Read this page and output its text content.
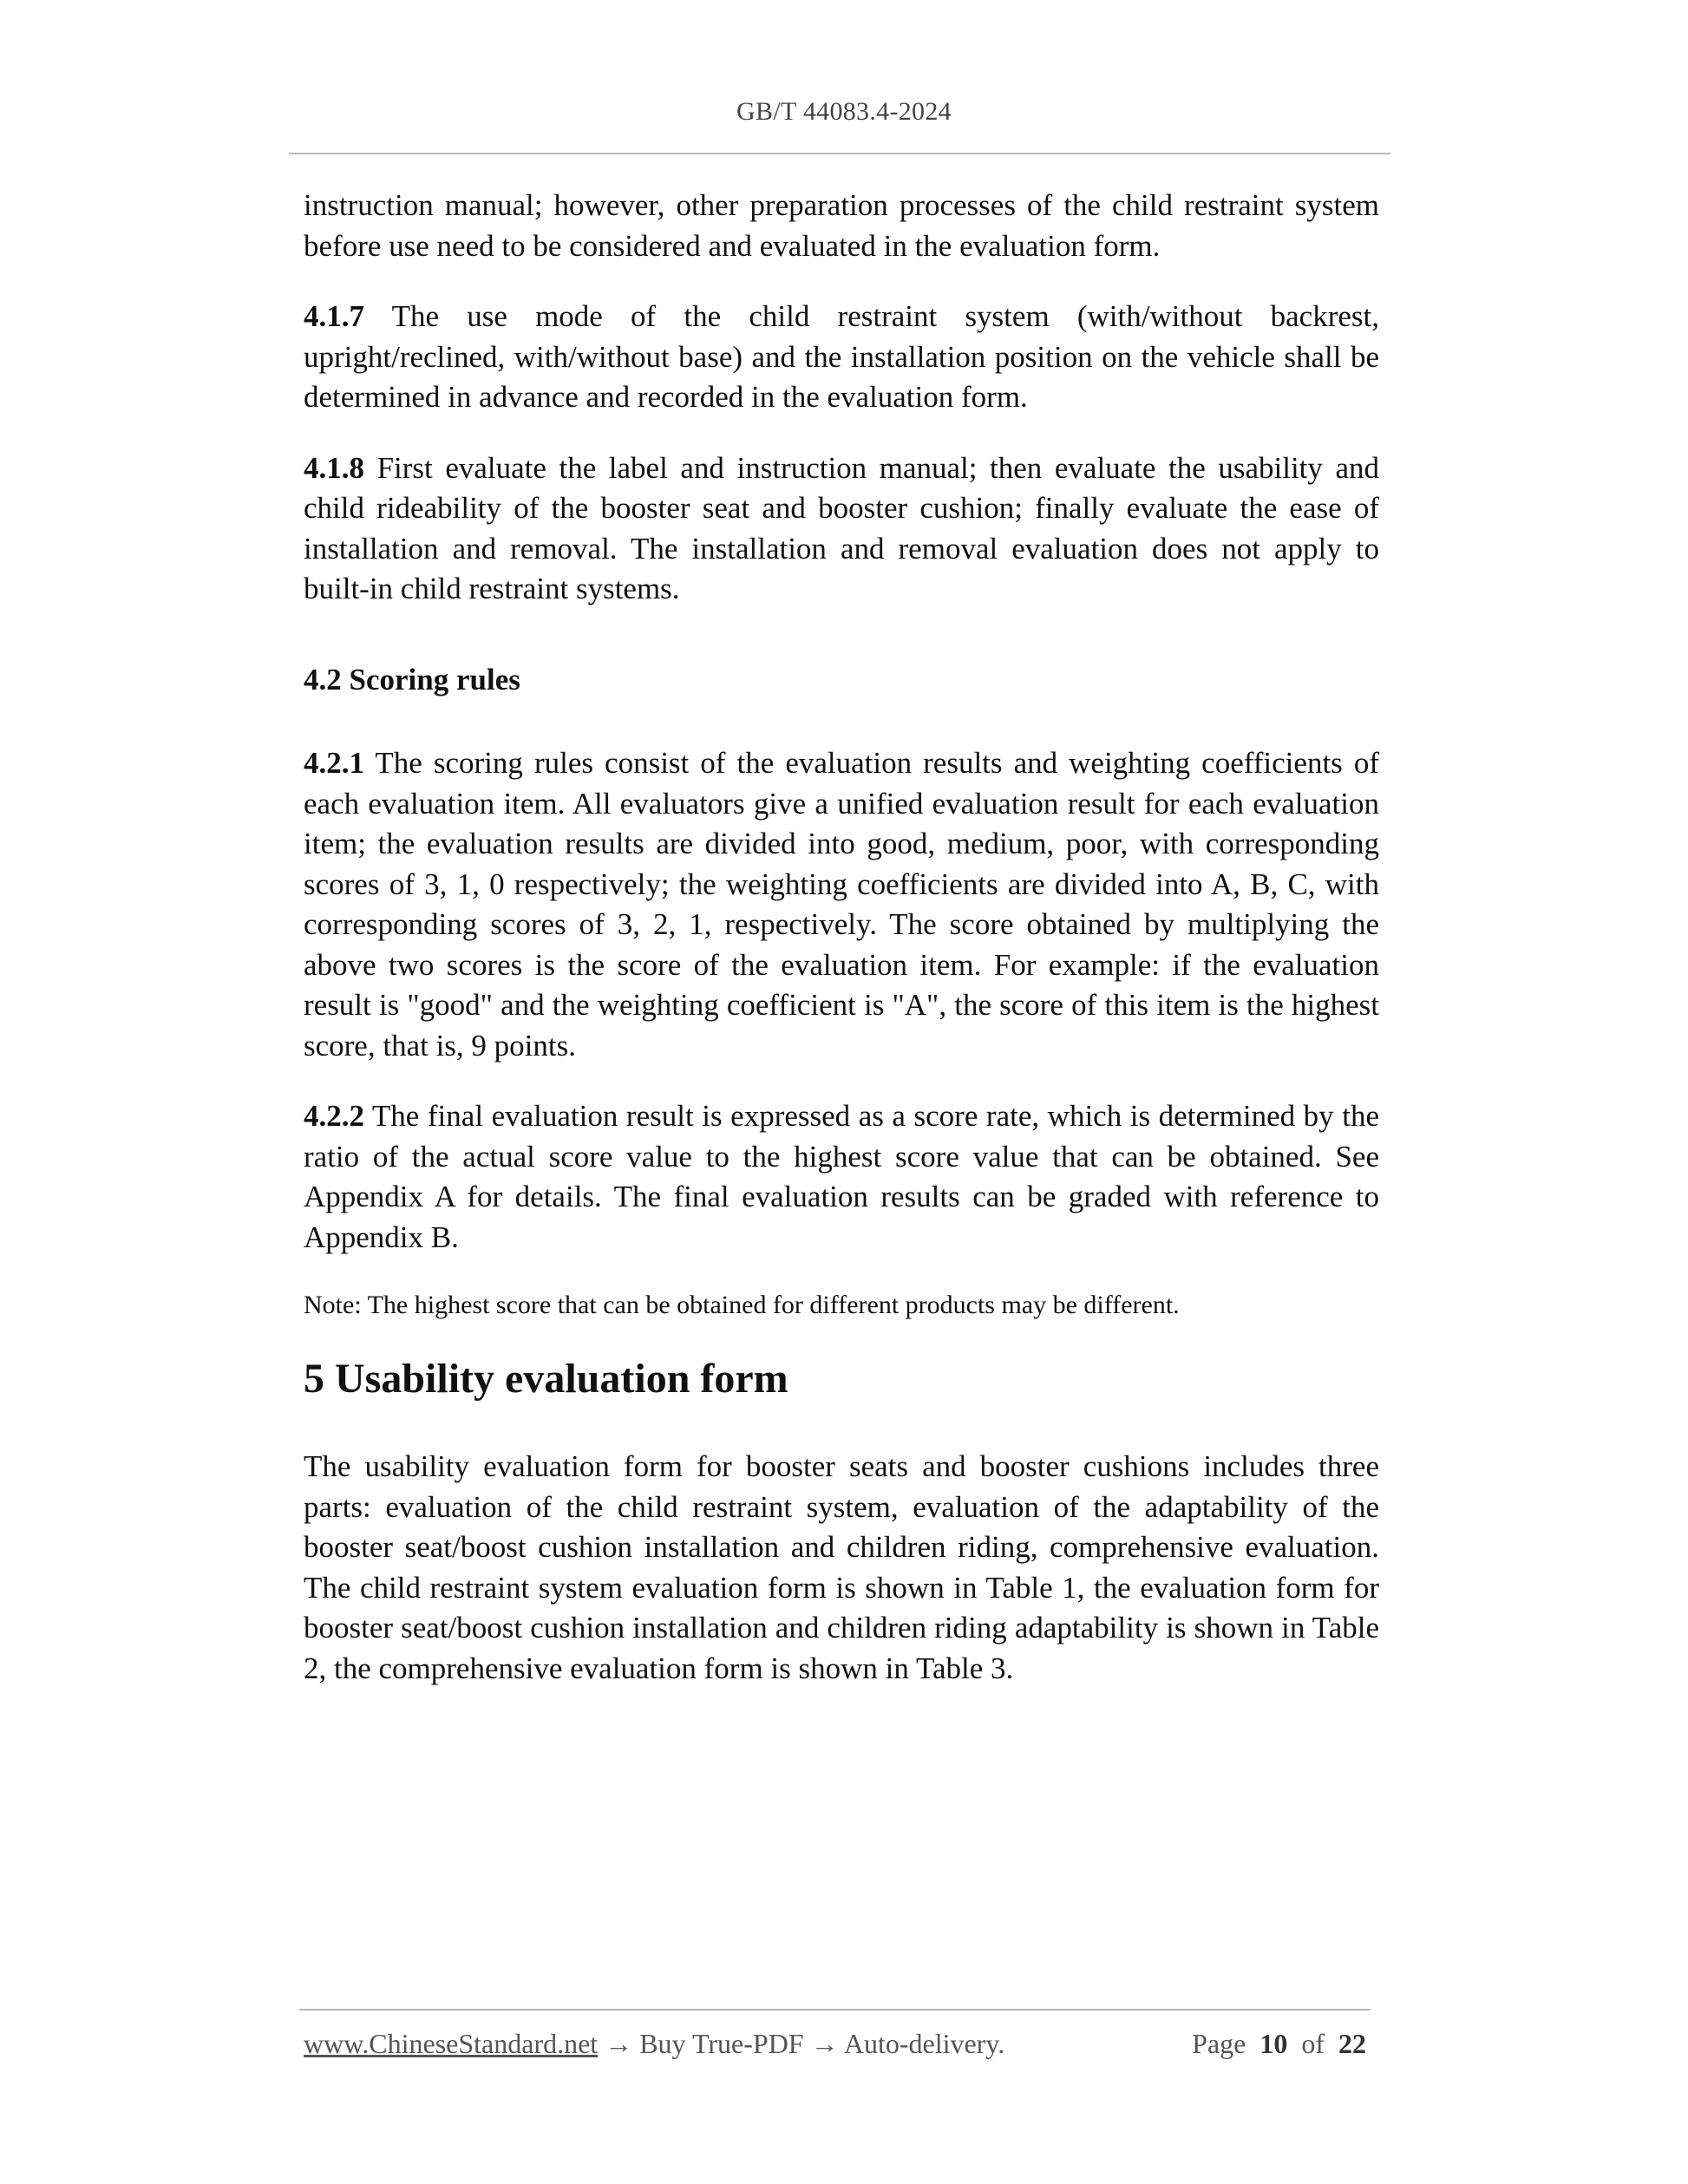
GB/T 44083.4-2024

instruction manual; however, other preparation processes of the child restraint system before use need to be considered and evaluated in the evaluation form.

4.1.7 The use mode of the child restraint system (with/without backrest, upright/reclined, with/without base) and the installation position on the vehicle shall be determined in advance and recorded in the evaluation form.

4.1.8 First evaluate the label and instruction manual; then evaluate the usability and child rideability of the booster seat and booster cushion; finally evaluate the ease of installation and removal. The installation and removal evaluation does not apply to built-in child restraint systems.

4.2 Scoring rules

4.2.1 The scoring rules consist of the evaluation results and weighting coefficients of each evaluation item. All evaluators give a unified evaluation result for each evaluation item; the evaluation results are divided into good, medium, poor, with corresponding scores of 3, 1, 0 respectively; the weighting coefficients are divided into A, B, C, with corresponding scores of 3, 2, 1, respectively. The score obtained by multiplying the above two scores is the score of the evaluation item. For example: if the evaluation result is "good" and the weighting coefficient is "A", the score of this item is the highest score, that is, 9 points.

4.2.2 The final evaluation result is expressed as a score rate, which is determined by the ratio of the actual score value to the highest score value that can be obtained. See Appendix A for details. The final evaluation results can be graded with reference to Appendix B.

Note: The highest score that can be obtained for different products may be different.

5 Usability evaluation form

The usability evaluation form for booster seats and booster cushions includes three parts: evaluation of the child restraint system, evaluation of the adaptability of the booster seat/boost cushion installation and children riding, comprehensive evaluation. The child restraint system evaluation form is shown in Table 1, the evaluation form for booster seat/boost cushion installation and children riding adaptability is shown in Table 2, the comprehensive evaluation form is shown in Table 3.

www.ChineseStandard.net → Buy True-PDF → Auto-delivery.	Page 10 of 22
